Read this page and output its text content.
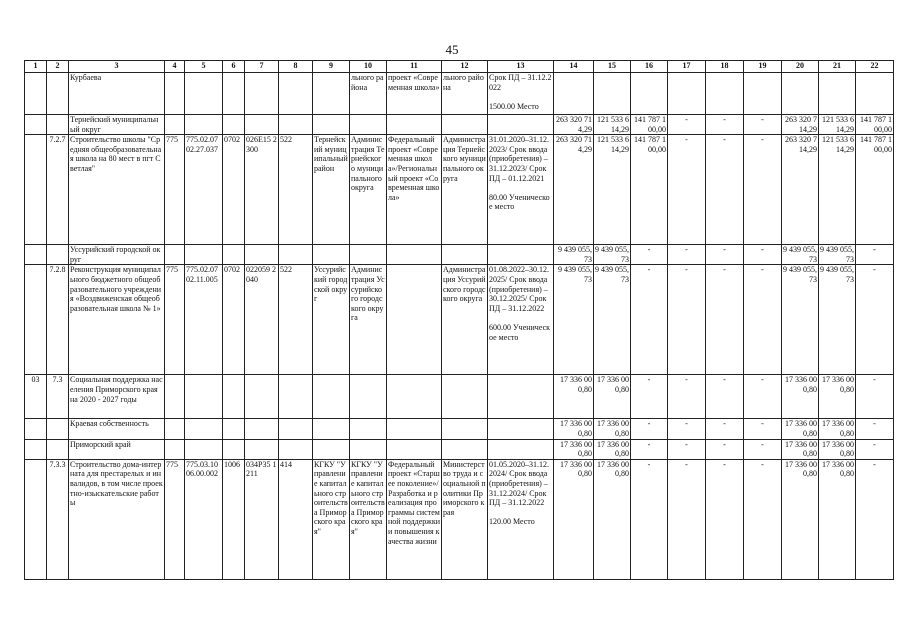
45
1	2	3	4	5	6	7	8	9	10	11	12	13	14	15	16	17	18	19	20	21	22
		Курбаева							льного района	проект «Современная школа»	льного района	Срок ПД – 31.12.2022

1500.00 Место									
		Тернейский муниципальный округ											263 320 714,29	121 533 614,29	141 787 100,00	-	-	-	263 320 714,29	121 533 614,29	141 787 100,00
	7.2.7	Строительство школы "Средняя общеобразовательная школа на 80 мест в пгт Светлая"	775	775.02.07 02.27.037	0702	026E15 2300	522	Тернейский муниципальный район	Администрация Тернейского муниципального округа	Федеральный проект «Современная школа»/Региональный проект «Современная школа»	Администрация Тернейского муниципального округа	31.01.2020–31.12.2023/ Срок ввода (приобретения) – 31.12.2023/ Срок ПД – 01.12.2021

80.00 Ученическое место	263 320 714,29	121 533 614,29	141 787 100,00	-	-	-	263 320 714,29	121 533 614,29	141 787 100,00
		Уссурийский городской округ											9 439 055,73	9 439 055,73	-	-	-	-	9 439 055,73	9 439 055,73	-
	7.2.8	Реконструкция муниципального бюджетного общеобразовательного учреждения «Воздвиженская общеобразовательная школа № 1»	775	775.02.07 02.11.005	0702	022059 2040	522	Уссурийский городской округ	Администрация Уссурийского городского округа		Администрация Уссурийского городского округа	01.08.2022–30.12.2025/ Срок ввода (приобретения) – 30.12.2025/ Срок ПД – 31.12.2022

600.00 Ученическое место	9 439 055,73	9 439 055,73	-	-	-	-	9 439 055,73	9 439 055,73	-
03	7.3	Социальная поддержка населения Приморского края на 2020 - 2027 годы											17 336 000,80	17 336 000,80	-	-	-	-	17 336 000,80	17 336 000,80	-
		Краевая собственность											17 336 000,80	17 336 000,80	-	-	-	-	17 336 000,80	17 336 000,80	-
		Приморский край											17 336 000,80	17 336 000,80	-	-	-	-	17 336 000,80	17 336 000,80	-
	7.3.3	Строительство дома-интерната для престарелых и инвалидов, в том числе проектно-изыскательские работы	775	775.03.10 06.00.002	1006	034P35 1211	414	КГКУ "Управление капитального строительства Приморского края"	КГКУ "Управление капитального строительства Приморского края"	Федеральный проект «Старшее поколение»/Разработка и реализация программы системной поддержки и повышения качества жизни	Министерство труда и социальной политики Приморского края	01.05.2020–31.12.2024/ Срок ввода (приобретения) – 31.12.2024/ Срок ПД – 31.12.2022

120.00 Место	17 336 000,80	17 336 000,80	-	-	-	-	17 336 000,80	17 336 000,80	-
